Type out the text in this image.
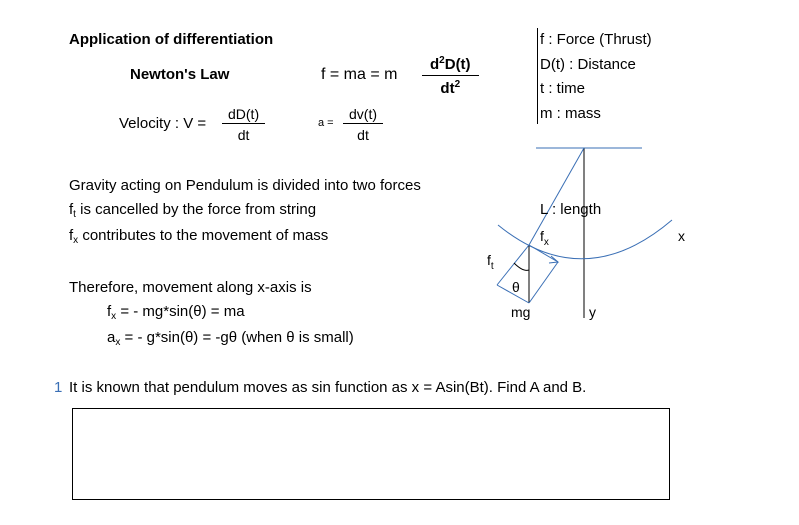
Application of differentiation
Newton's Law	f = ma = m $\frac{d^2D(t)}{dt^2}$
f : Force (Thrust)
D(t) : Distance
t : time
m : mass
Velocity : $V = \frac{dD(t)}{dt}$	$a = \frac{dv(t)}{dt}$
Gravity acting on Pendulum is divided into two forces
$f_t$ is cancelled by the force from string
$f_x$ contributes to the movement of mass
Therefore, movement along x-axis is
$f_x$ = - mg*sin(θ) = ma
$a_x$ = - g*sin(θ) = -gθ (when θ is small)
L : length
$f_x$
$f_t$
θ
mg
x
y
1 It is known that pendulum moves as sin function as x = Asin(Bt). Find A and B.
